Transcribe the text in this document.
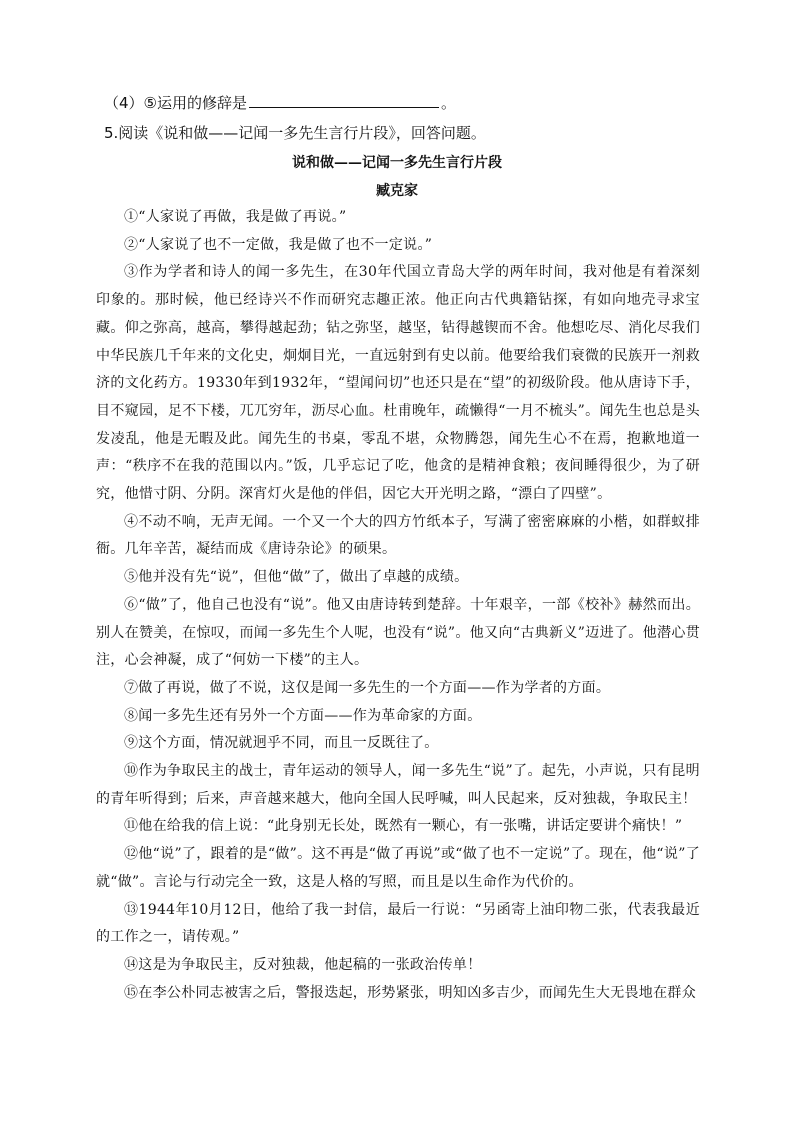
（4）⑤运用的修辞是	。
5.阅读《说和做——记闻一多先生言行片段》，回答问题。
说和做——记闻一多先生言行片段
臧克家

①“人家说了再做，我是做了再说。”

②“人家说了也不一定做，我是做了也不一定说。”

③作为学者和诗人的闻一多先生，在30年代国立青岛大学的两年时间，我对他是有着深刻印象的。那时候，他已经诗兴不作而研究志趣正浓。他正向古代典籍钻探，有如向地壳寻求宝藏。仰之弥高，越高，攀得越起劲；钻之弥坚，越坚，钻得越锲而不舍。他想吃尽、消化尽我们中华民族几千年来的文化史，炯炯目光，一直远射到有史以前。他要给我们衰微的民族开一剂救济的文化药方。19330年到1932年，“望闻问切”也还只是在“望”的初级阶段。他从唐诗下手，目不窥园，足不下楼，兀兀穷年，沥尽心血。杜甫晚年，疏懒得“一月不梳头”。闻先生也总是头发凌乱，他是无暇及此。闻先生的书桌，零乱不堪，众物腾怨，闻先生心不在焉，抱歉地道一声：“秩序不在我的范围以内。”饭，几乎忘记了吃，他贪的是精神食粮；夜间睡得很少，为了研究，他惜寸阴、分阴。深宵灯火是他的伴侣，因它大开光明之路，“漂白了四壁”。

④不动不响，无声无闻。一个又一个大的四方竹纸本子，写满了密密麻麻的小楷，如群蚁排衙。几年辛苦，凝结而成《唐诗杂论》的硕果。

⑤他并没有先“说”，但他“做”了，做出了卓越的成绩。

⑥“做”了，他自己也没有“说”。他又由唐诗转到楚辞。十年艰辛，一部《校补》赫然而出。别人在赞美，在惊叹，而闻一多先生个人呢，也没有“说”。他又向“古典新义”迈进了。他潜心贯注，心会神凝，成了“何妨一下楼”的主人。

⑦做了再说，做了不说，这仅是闻一多先生的一个方面——作为学者的方面。

⑧闻一多先生还有另外一个方面——作为革命家的方面。

⑨这个方面，情况就迥乎不同，而且一反既往了。

⑩作为争取民主的战士，青年运动的领导人，闻一多先生“说”了。起先，小声说，只有昆明的青年听得到；后来，声音越来越大，他向全国人民呼喊，叫人民起来，反对独裁，争取民主！

⑪他在给我的信上说：“此身别无长处，既然有一颗心，有一张嘴，讲话定要讲个痛快！”

⑫他“说”了，跟着的是“做”。这不再是“做了再说”或“做了也不一定说”了。现在，他“说”了就“做”。言论与行动完全一致，这是人格的写照，而且是以生命作为代价的。

⑬1944年10月12日，他给了我一封信，最后一行说：“另函寄上油印物二张，代表我最近的工作之一，请传观。”

⑭这是为争取民主，反对独裁，他起稿的一张政治传单！

⑮在李公朴同志被害之后，警报迭起，形势紧张，明知凶多吉少，而闻先生大无畏地在群众
